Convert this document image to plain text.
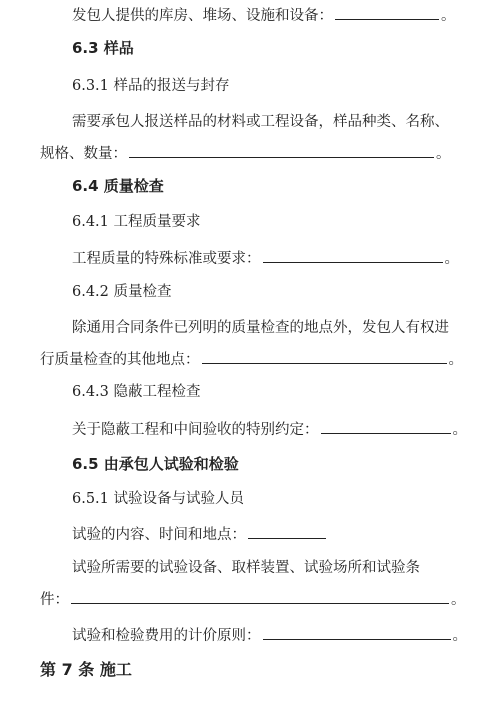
发包人提供的库房、堆场、设施和设备：	。
6.3 样品
6.3.1 样品的报送与封存
需要承包人报送样品的材料或工程设备，样品种类、名称、
规格、数量：	。
6.4 质量检查
6.4.1 工程质量要求
工程质量的特殊标准或要求：	。
6.4.2 质量检查
除通用合同条件已列明的质量检查的地点外，发包人有权进
行质量检查的其他地点：	。
6.4.3 隐蔽工程检查
关于隐蔽工程和中间验收的特别约定：	。
6.5 由承包人试验和检验
6.5.1 试验设备与试验人员
试验的内容、时间和地点：
试验所需要的试验设备、取样装置、试验场所和试验条
件：	。
试验和检验费用的计价原则：	。
第 7 条 施工
